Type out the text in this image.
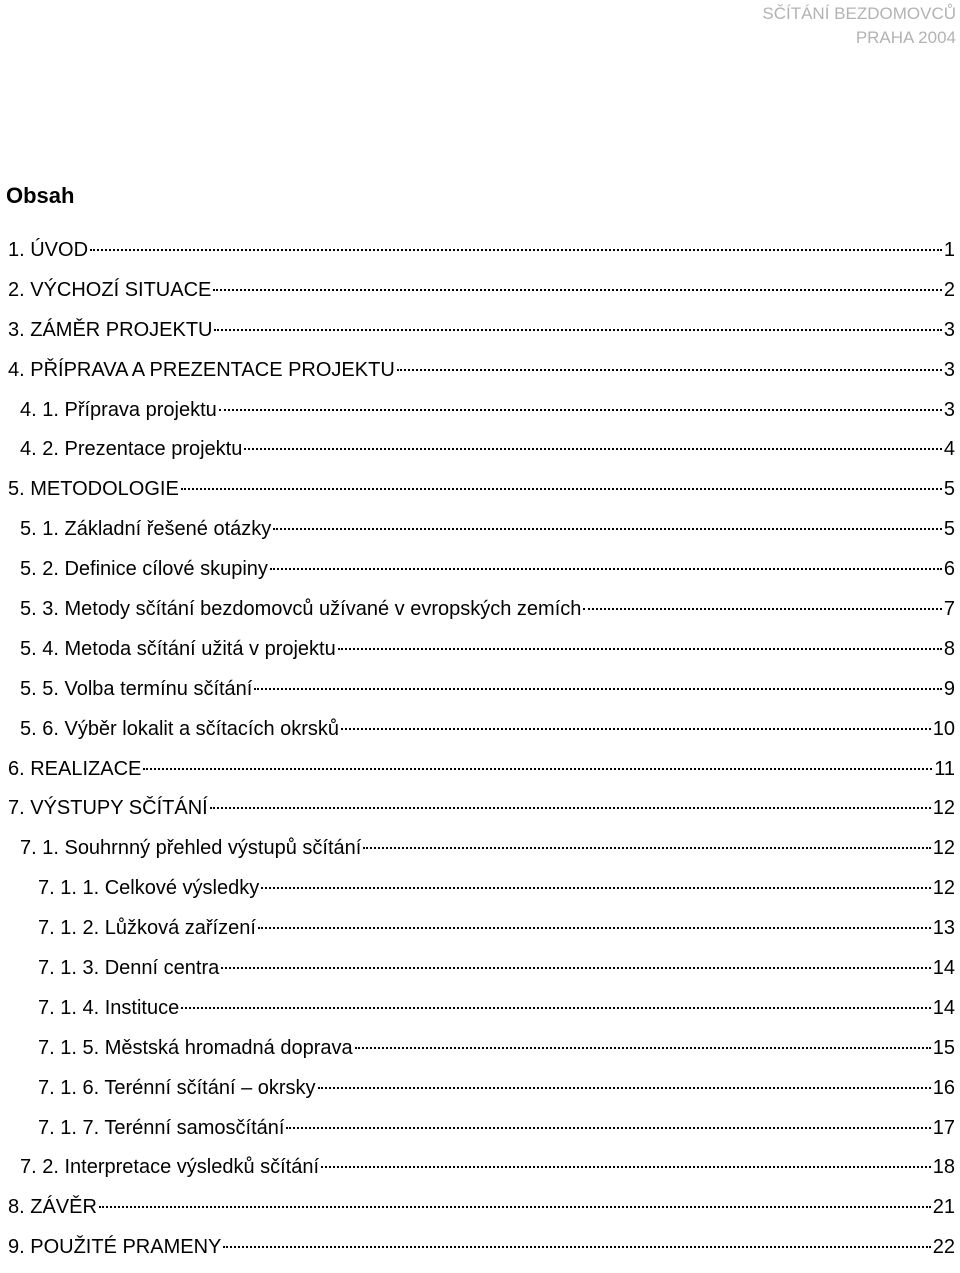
SČÍTÁNÍ BEZDOMOVCŮ
PRAHA 2004
Obsah
1. ÚVOD	1
2. VÝCHOZÍ SITUACE	2
3. ZÁMĚR PROJEKTU	3
4. PŘÍPRAVA A PREZENTACE PROJEKTU	3
4. 1. Příprava projektu	3
4. 2. Prezentace projektu	4
5. METODOLOGIE	5
5. 1. Základní řešené otázky	5
5. 2. Definice cílové skupiny	6
5. 3. Metody sčítání bezdomovců užívané v evropských zemích	7
5. 4. Metoda sčítání užitá v projektu	8
5. 5. Volba termínu sčítání	9
5. 6. Výběr lokalit a sčítacích okrsků	10
6. REALIZACE	11
7. VÝSTUPY SČÍTÁNÍ	12
7. 1. Souhrnný přehled výstupů sčítání	12
7. 1. 1. Celkové výsledky	12
7. 1. 2. Lůžková zařízení	13
7. 1. 3. Denní centra	14
7. 1. 4. Instituce	14
7. 1. 5. Městská hromadná doprava	15
7. 1. 6. Terénní sčítání – okrsky	16
7. 1. 7. Terénní samosčítání	17
7. 2. Interpretace výsledků sčítání	18
8. ZÁVĚR	21
9. POUŽITÉ PRAMENY	22
